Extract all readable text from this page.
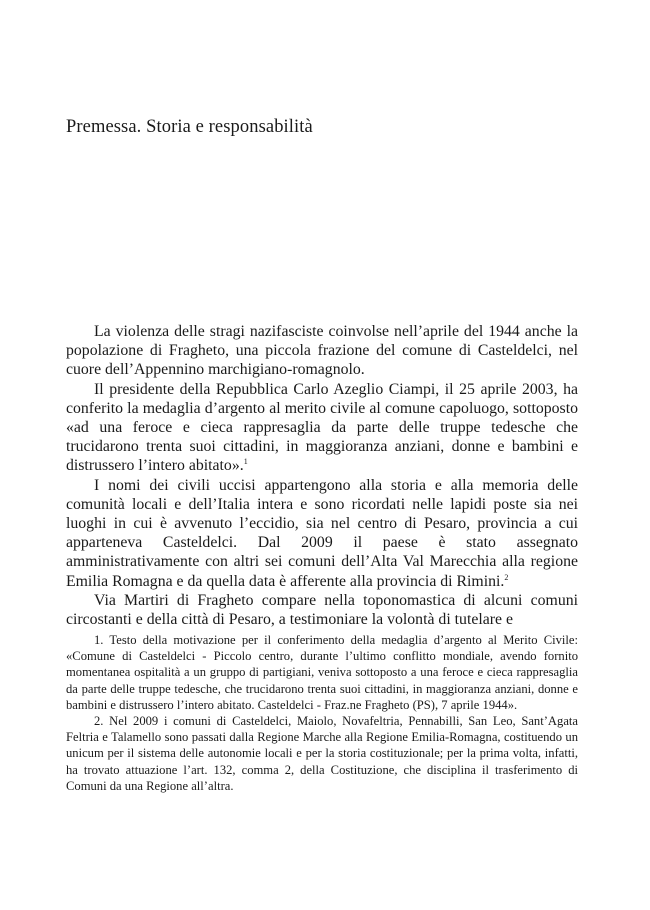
Premessa. Storia e responsabilità

La violenza delle stragi nazifasciste coinvolse nell’aprile del 1944 anche la popolazione di Fragheto, una piccola frazione del comune di Casteldelci, nel cuore dell’Appennino marchigiano-romagnolo.

Il presidente della Repubblica Carlo Azeglio Ciampi, il 25 aprile 2003, ha conferito la medaglia d’argento al merito civile al comune capoluogo, sottoposto «ad una feroce e cieca rappresaglia da parte delle truppe tedesche che trucidarono trenta suoi cittadini, in maggioranza anziani, donne e bambini e distrussero l’intero abitato».$^1$

I nomi dei civili uccisi appartengono alla storia e alla memoria delle comunità locali e dell’Italia intera e sono ricordati nelle lapidi poste sia nei luoghi in cui è avvenuto l’eccidio, sia nel centro di Pesaro, provincia a cui apparteneva Casteldelci. Dal 2009 il paese è stato assegnato amministrativamente con altri sei comuni dell’Alta Val Marecchia alla regione Emilia Romagna e da quella data è afferente alla provincia di Rimini.$^2$

Via Martiri di Fragheto compare nella toponomastica di alcuni comuni circostanti e della città di Pesaro, a testimoniare la volontà di tutelare e

1. Testo della motivazione per il conferimento della medaglia d’argento al Merito Civile: «Comune di Casteldelci - Piccolo centro, durante l’ultimo conflitto mondiale, avendo fornito momentanea ospitalità a un gruppo di partigiani, veniva sottoposto a una feroce e cieca rappresaglia da parte delle truppe tedesche, che trucidarono trenta suoi cittadini, in maggioranza anziani, donne e bambini e distrussero l’intero abitato. Casteldelci - Fraz.ne Fragheto (PS), 7 aprile 1944».

2. Nel 2009 i comuni di Casteldelci, Maiolo, Novafeltria, Pennabilli, San Leo, Sant’Agata Feltria e Talamello sono passati dalla Regione Marche alla Regione Emilia-Romagna, costituendo un unicum per il sistema delle autonomie locali e per la storia costituzionale; per la prima volta, infatti, ha trovato attuazione l’art. 132, comma 2, della Costituzione, che disciplina il trasferimento di Comuni da una Regione all’altra.
